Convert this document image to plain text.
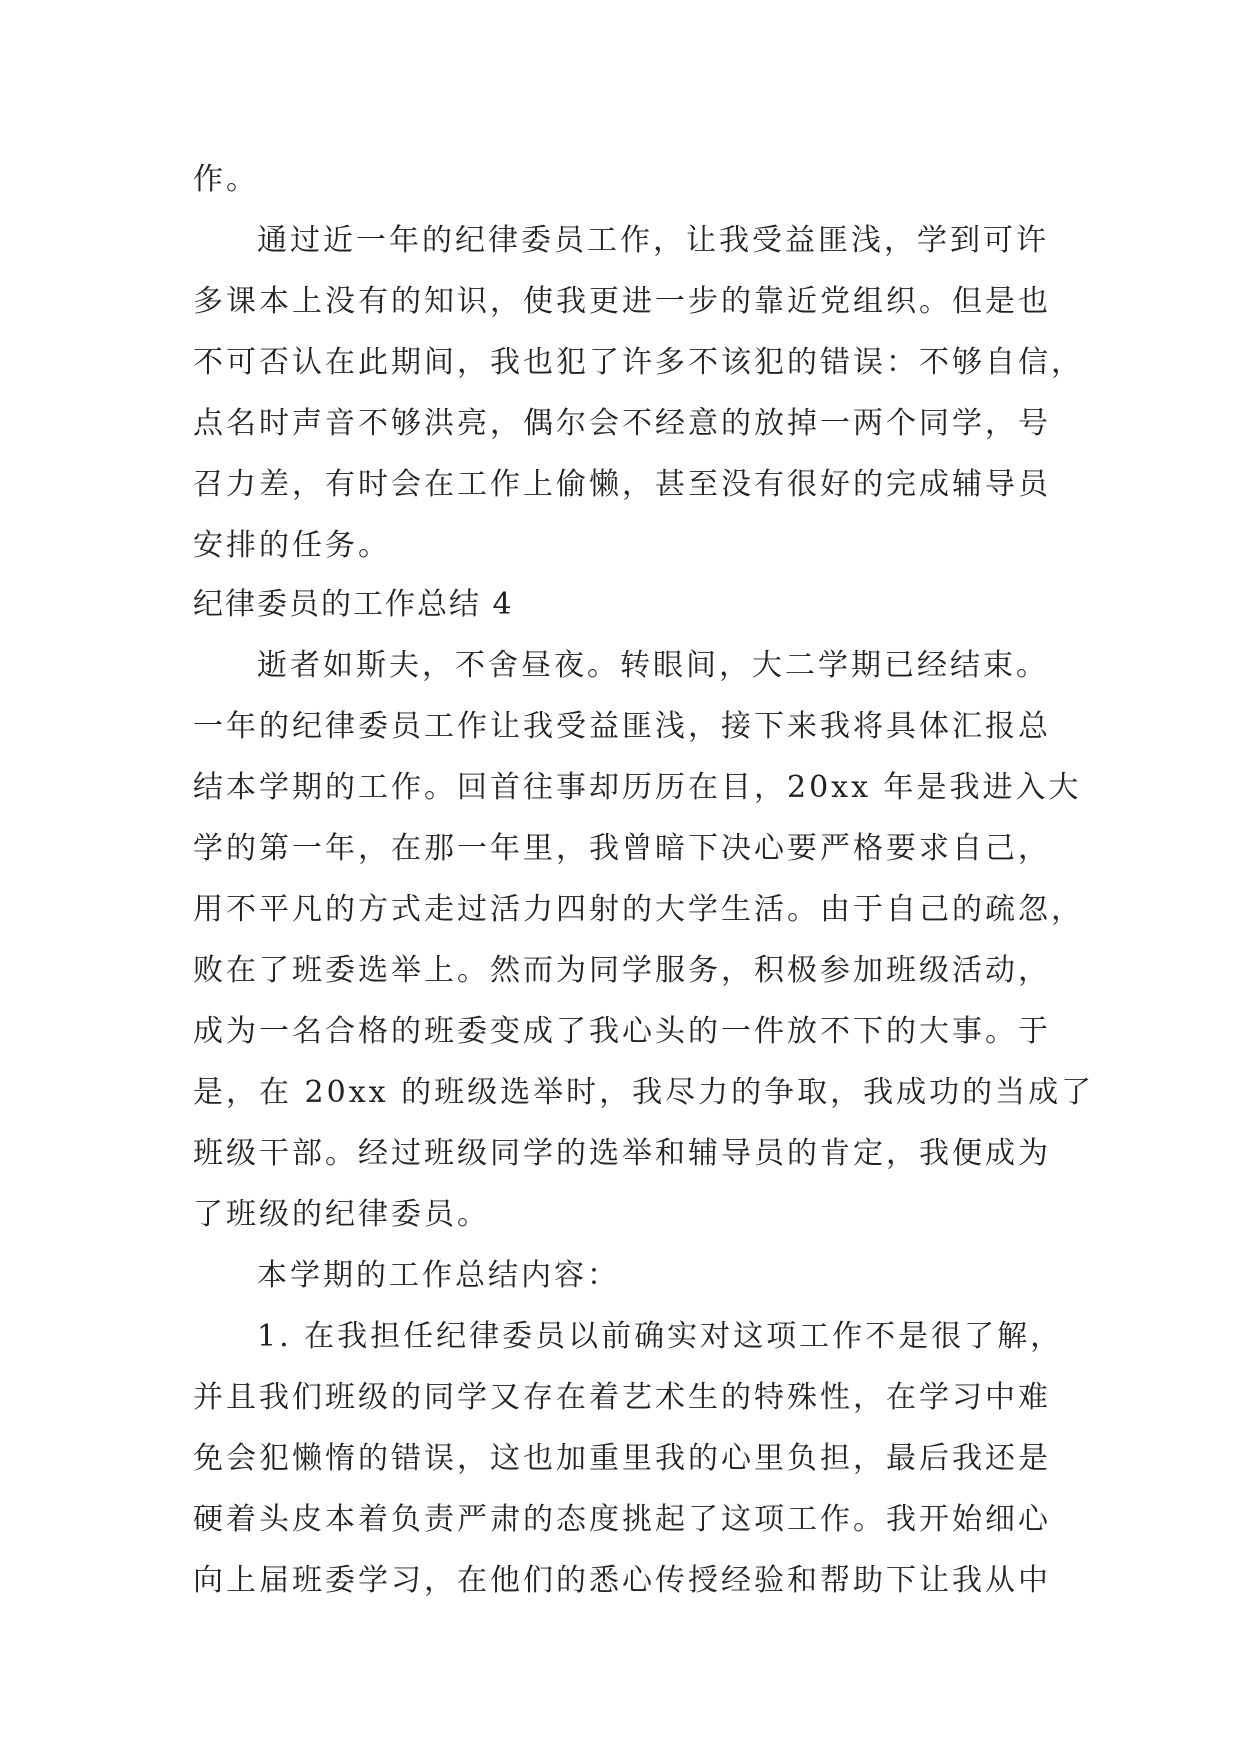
作。
通过近一年的纪律委员工作，让我受益匪浅，学到可许
多课本上没有的知识，使我更进一步的靠近党组织。但是也
不可否认在此期间，我也犯了许多不该犯的错误：不够自信，
点名时声音不够洪亮，偶尔会不经意的放掉一两个同学，号
召力差，有时会在工作上偷懒，甚至没有很好的完成辅导员
安排的任务。
纪律委员的工作总结 4
逝者如斯夫，不舍昼夜。转眼间，大二学期已经结束。
一年的纪律委员工作让我受益匪浅，接下来我将具体汇报总
结本学期的工作。回首往事却历历在目，20xx 年是我进入大
学的第一年，在那一年里，我曾暗下决心要严格要求自己，
用不平凡的方式走过活力四射的大学生活。由于自己的疏忽，
败在了班委选举上。然而为同学服务，积极参加班级活动，
成为一名合格的班委变成了我心头的一件放不下的大事。于
是，在 20xx 的班级选举时，我尽力的争取，我成功的当成了
班级干部。经过班级同学的选举和辅导员的肯定，我便成为
了班级的纪律委员。
本学期的工作总结内容：
1. 在我担任纪律委员以前确实对这项工作不是很了解，
并且我们班级的同学又存在着艺术生的特殊性，在学习中难
免会犯懒惰的错误，这也加重里我的心里负担，最后我还是
硬着头皮本着负责严肃的态度挑起了这项工作。我开始细心
向上届班委学习，在他们的悉心传授经验和帮助下让我从中
